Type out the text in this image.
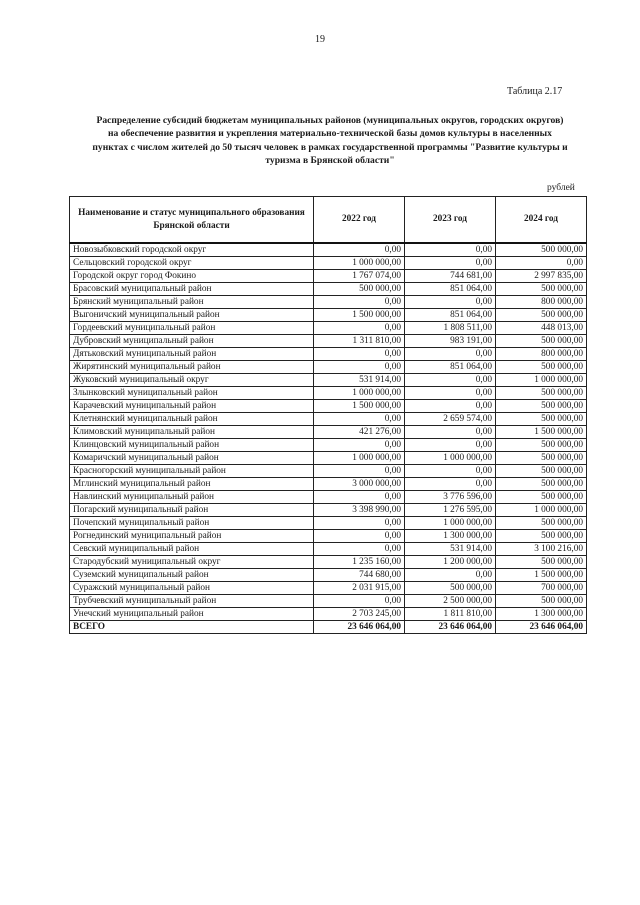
19
Таблица 2.17
Распределение субсидий бюджетам муниципальных районов (муниципальных округов, городских округов)
на обеспечение развития и укрепления материально-технической базы домов культуры в населенных
пунктах с числом жителей до 50 тысяч человек в рамках государственной программы "Развитие культуры и
туризма в Брянской области"
рублей
Наименование и статус муниципального образования Брянской области	2022 год	2023 год	2024 год
Новозыбковский городской округ	0,00	0,00	500 000,00
Сельцовский городской округ	1 000 000,00	0,00	0,00
Городской округ город Фокино	1 767 074,00	744 681,00	2 997 835,00
Брасовский муниципальный район	500 000,00	851 064,00	500 000,00
Брянский муниципальный район	0,00	0,00	800 000,00
Выгоничский муниципальный район	1 500 000,00	851 064,00	500 000,00
Гордеевский муниципальный район	0,00	1 808 511,00	448 013,00
Дубровский муниципальный район	1 311 810,00	983 191,00	500 000,00
Дятьковский муниципальный район	0,00	0,00	800 000,00
Жирятинский муниципальный район	0,00	851 064,00	500 000,00
Жуковский муниципальный округ	531 914,00	0,00	1 000 000,00
Злынковский муниципальный район	1 000 000,00	0,00	500 000,00
Карачевский муниципальный район	1 500 000,00	0,00	500 000,00
Клетнянский муниципальный район	0,00	2 659 574,00	500 000,00
Климовский муниципальный район	421 276,00	0,00	1 500 000,00
Клинцовский муниципальный район	0,00	0,00	500 000,00
Комаричский муниципальный район	1 000 000,00	1 000 000,00	500 000,00
Красногорский муниципальный район	0,00	0,00	500 000,00
Мглинский муниципальный район	3 000 000,00	0,00	500 000,00
Навлинский муниципальный район	0,00	3 776 596,00	500 000,00
Погарский муниципальный район	3 398 990,00	1 276 595,00	1 000 000,00
Почепский муниципальный район	0,00	1 000 000,00	500 000,00
Рогнединский муниципальный район	0,00	1 300 000,00	500 000,00
Севский муниципальный район	0,00	531 914,00	3 100 216,00
Стародубский муниципальный округ	1 235 160,00	1 200 000,00	500 000,00
Суземский муниципальный район	744 680,00	0,00	1 500 000,00
Суражский муниципальный район	2 031 915,00	500 000,00	700 000,00
Трубчевский муниципальный район	0,00	2 500 000,00	500 000,00
Унечский муниципальный район	2 703 245,00	1 811 810,00	1 300 000,00
ВСЕГО	23 646 064,00	23 646 064,00	23 646 064,00
